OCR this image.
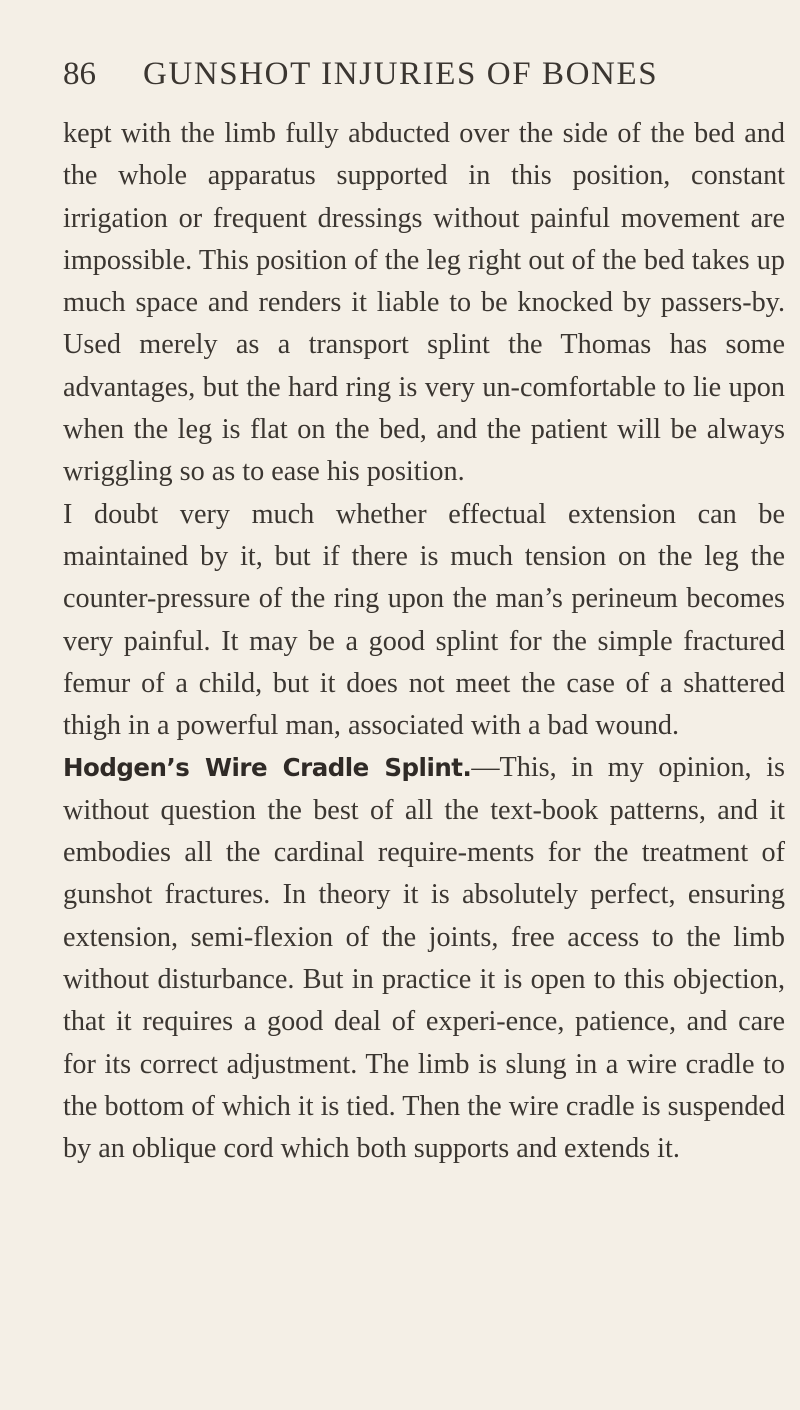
86	GUNSHOT INJURIES OF BONES

kept with the limb fully abducted over the side of the bed and the whole apparatus supported in this position, constant irrigation or frequent dressings without painful movement are impossible. This position of the leg right out of the bed takes up much space and renders it liable to be knocked by passers-by. Used merely as a transport splint the Thomas has some advantages, but the hard ring is very un-comfortable to lie upon when the leg is flat on the bed, and the patient will be always wriggling so as to ease his position.

I doubt very much whether effectual extension can be maintained by it, but if there is much tension on the leg the counter-pressure of the ring upon the man’s perineum becomes very painful. It may be a good splint for the simple fractured femur of a child, but it does not meet the case of a shattered thigh in a powerful man, associated with a bad wound.

Hodgen’s Wire Cradle Splint.—This, in my opinion, is without question the best of all the text-book patterns, and it embodies all the cardinal require-ments for the treatment of gunshot fractures. In theory it is absolutely perfect, ensuring extension, semi-flexion of the joints, free access to the limb without disturbance. But in practice it is open to this objection, that it requires a good deal of experi-ence, patience, and care for its correct adjustment. The limb is slung in a wire cradle to the bottom of which it is tied. Then the wire cradle is suspended by an oblique cord which both supports and extends it.
